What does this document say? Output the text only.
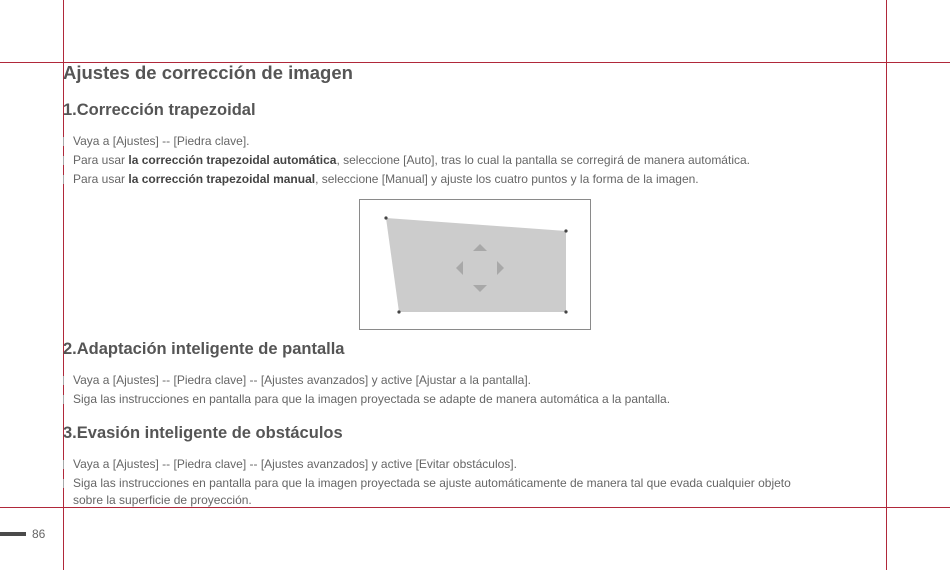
Ajustes de corrección de imagen
1.Corrección trapezoidal

Vaya a [Ajustes] -- [Piedra clave].

Para usar la corrección trapezoidal automática, seleccione [Auto], tras lo cual la pantalla se corregirá de manera automática.

Para usar la corrección trapezoidal manual, seleccione [Manual] y ajuste los cuatro puntos y la forma de la imagen.

2.Adaptación inteligente de pantalla

Vaya a [Ajustes] -- [Piedra clave] -- [Ajustes avanzados] y active [Ajustar a la pantalla].

Siga las instrucciones en pantalla para que la imagen proyectada se adapte de manera automática a la pantalla.

3.Evasión inteligente de obstáculos

Vaya a [Ajustes] -- [Piedra clave] -- [Ajustes avanzados] y active [Evitar obstáculos].

Siga las instrucciones en pantalla para que la imagen proyectada se ajuste automáticamente de manera tal que evada cualquier objeto

sobre la superficie de proyección.

86
